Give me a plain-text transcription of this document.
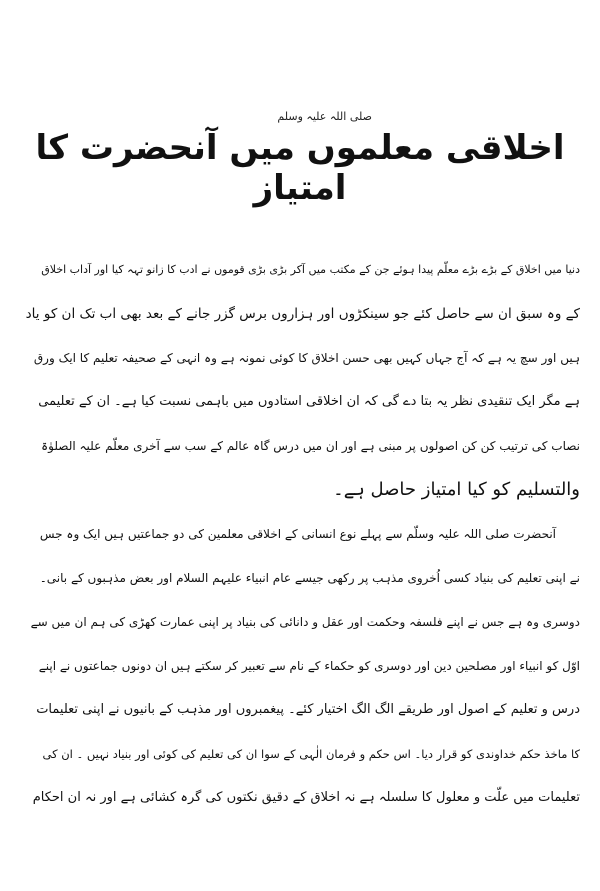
اخلاقی معلموں میں آنحضرت کا امتیاز
صلی اللہ علیہ وسلم
دنیا میں اخلاق کے بڑے بڑے معلّم پیدا ہوئے جن کے مکتب میں آکر بڑی بڑی قوموں نے ادب کا زانو تہہ کیا اور آداب اخلاق
کے وہ سبق ان سے حاصل کئے جو سینکڑوں اور ہزاروں برس گزر جانے کے بعد بھی اب تک ان کو یاد
ہیں اور سچ یہ ہے کہ آج جہاں کہیں بھی حسن اخلاق کا کوئی نمونہ ہے وہ انہی کے صحیفہ تعلیم کا ایک ورق
ہے مگر ایک تنقیدی نظر یہ بتا دے گی کہ ان اخلاقی استادوں میں باہمی نسبت کیا ہے۔ ان کے تعلیمی
نصاب کی ترتیب کن کن اصولوں پر مبنی ہے اور ان میں درس گاہ عالم کے سب سے آخری معلّم علیہ الصلوٰۃ
والتسلیم کو کیا امتیاز حاصل ہے۔
آنحضرت صلی اللہ علیہ وسلّم سے پہلے نوع انسانی کے اخلاقی معلمین کی دو جماعتیں ہیں ایک وہ جس
نے اپنی تعلیم کی بنیاد کسی اُخروی مذہب پر رکھی جیسے عام انبیاء علیہم السلام اور بعض مذہبوں کے بانی۔
دوسری وہ ہے جس نے اپنے فلسفہ وحکمت اور عقل و دانائی کی بنیاد پر اپنی عمارت کھڑی کی ہم ان میں سے
اوّل کو انبیاء اور مصلحین دین اور دوسری کو حکماء کے نام سے تعبیر کر سکتے ہیں ان دونوں جماعتوں نے اپنے
درس و تعلیم کے اصول اور طریقے الگ الگ اختیار کئے۔ پیغمبروں اور مذہب کے بانیوں نے اپنی تعلیمات
کا ماخذ حکم خداوندی کو قرار دیا۔ اس حکم و فرمان الٰہی کے سوا ان کی تعلیم کی کوئی اور بنیاد نہیں ۔ ان کی
تعلیمات میں علّت و معلول کا سلسلہ ہے نہ اخلاق کے دقیق نکتوں کی گرہ کشائی ہے اور نہ ان احکام
